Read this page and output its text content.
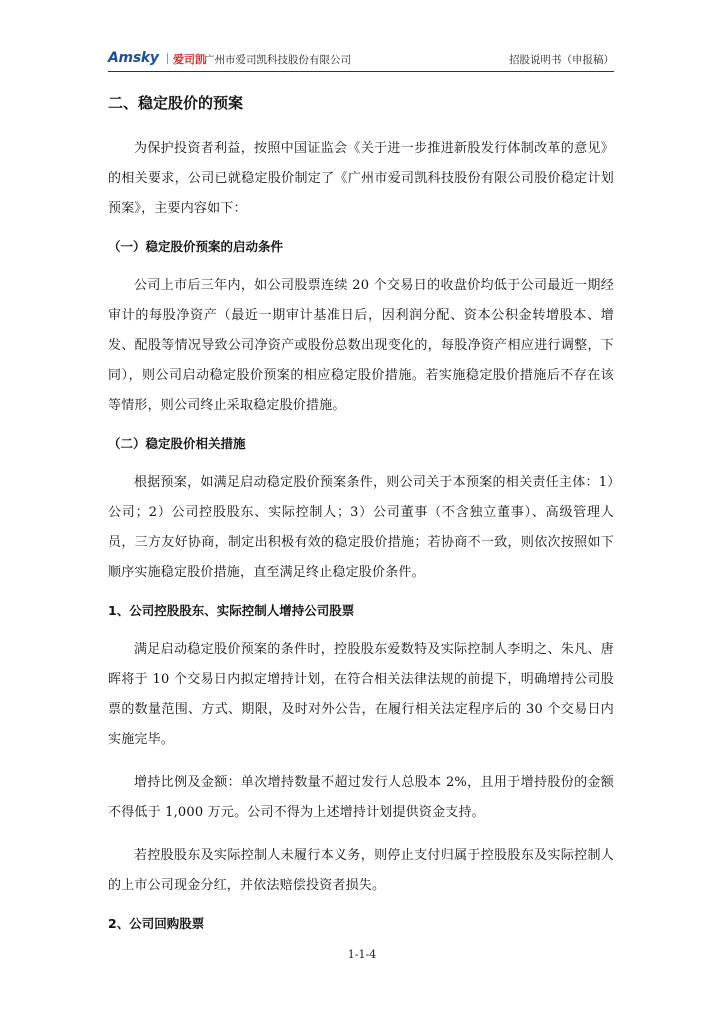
Amsky 爱司凯
广州市爱司凯科技股份有限公司	招股说明书（申报稿）
二、稳定股价的预案

为保护投资者利益，按照中国证监会《关于进一步推进新股发行体制改革的意见》的相关要求，公司已就稳定股价制定了《广州市爱司凯科技股份有限公司股价稳定计划预案》，主要内容如下：

（一）稳定股价预案的启动条件

公司上市后三年内，如公司股票连续 20 个交易日的收盘价均低于公司最近一期经审计的每股净资产（最近一期审计基准日后，因利润分配、资本公积金转增股本、增发、配股等情况导致公司净资产或股份总数出现变化的，每股净资产相应进行调整，下同），则公司启动稳定股价预案的相应稳定股价措施。若实施稳定股价措施后不存在该等情形，则公司终止采取稳定股价措施。

（二）稳定股价相关措施

根据预案，如满足启动稳定股价预案条件，则公司关于本预案的相关责任主体：1）公司；2）公司控股股东、实际控制人；3）公司董事（不含独立董事）、高级管理人员，三方友好协商，制定出积极有效的稳定股价措施；若协商不一致，则依次按照如下顺序实施稳定股价措施，直至满足终止稳定股价条件。

1、公司控股股东、实际控制人增持公司股票

满足启动稳定股价预案的条件时，控股股东爱数特及实际控制人李明之、朱凡、唐晖将于 10 个交易日内拟定增持计划，在符合相关法律法规的前提下，明确增持公司股票的数量范围、方式、期限，及时对外公告，在履行相关法定程序后的 30 个交易日内实施完毕。

增持比例及金额：单次增持数量不超过发行人总股本 2%，且用于增持股份的金额不得低于 1,000 万元。公司不得为上述增持计划提供资金支持。

若控股股东及实际控制人未履行本义务，则停止支付归属于控股股东及实际控制人的上市公司现金分红，并依法赔偿投资者损失。

2、公司回购股票
1-1-4
